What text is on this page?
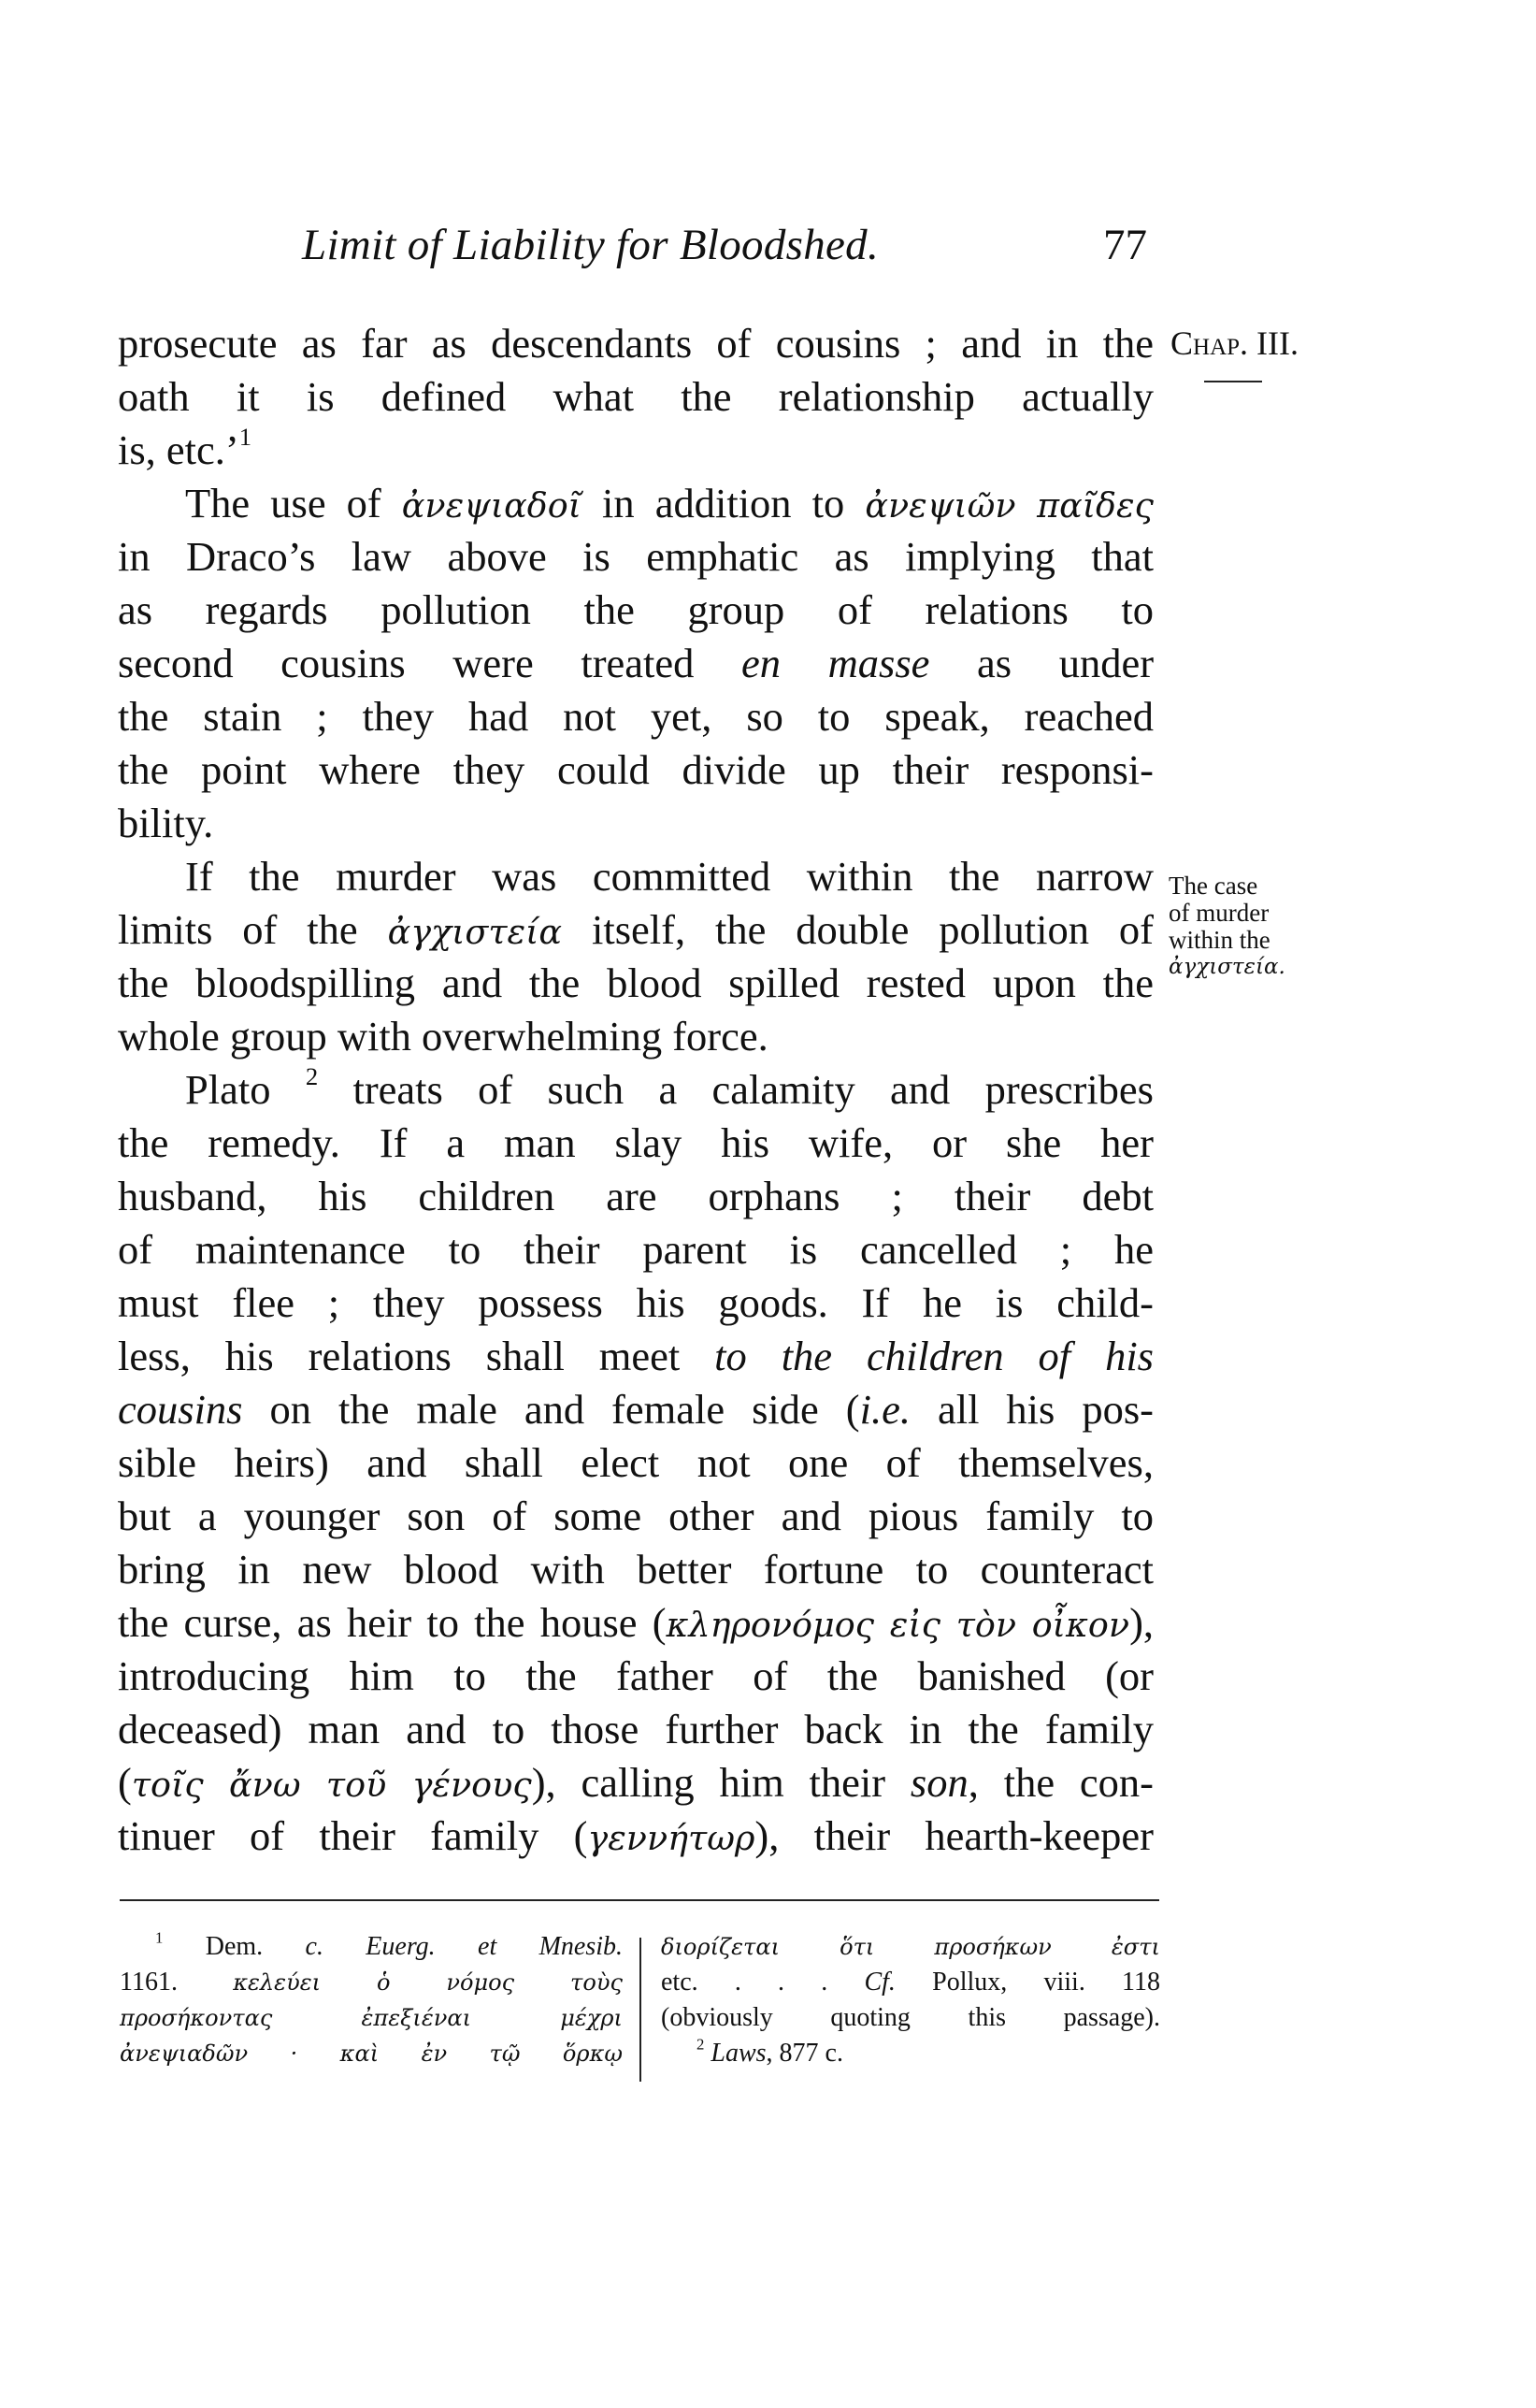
Limit of Liability for Bloodshed.	77
Chap. III.
prosecute as far as descendants of cousins ; and in the
oath it is defined what the relationship actually
is, etc.’$^1$
The use of ἀνεψιαδοῖ in addition to ἀνεψιῶν παῖδες
in Draco’s law above is emphatic as implying that
as regards pollution the group of relations to
second cousins were treated en masse as under
the stain ; they had not yet, so to speak, reached
the point where they could divide up their responsi-
bility.
If the murder was committed within the narrow
limits of the ἀγχιστεία itself, the double pollution of
the bloodspilling and the blood spilled rested upon the
whole group with overwhelming force.
Plato $^2$ treats of such a calamity and prescribes
the remedy. If a man slay his wife, or she her
husband, his children are orphans ; their debt
of maintenance to their parent is cancelled ; he
must flee ; they possess his goods. If he is child-
less, his relations shall meet to the children of his
cousins on the male and female side (i.e. all his pos-
sible heirs) and shall elect not one of themselves,
but a younger son of some other and pious family to
bring in new blood with better fortune to counteract
the curse, as heir to the house (κληρονόμος εἰς τὸν οἶκον),
introducing him to the father of the banished (or
deceased) man and to those further back in the family
(τοῖς ἄνω τοῦ γένους), calling him their son, the con-
tinuer of their family (γεννήτωρ), their hearth-keeper
The case
of murder
within the
ἀγχιστεία.
$^1$ Dem. c. Euerg. et Mnesib.
1161. κελεύει ὁ νόμος τοὺς
προσήκοντας ἐπεξιέναι μέχρι
ἀνεψιαδῶν · καὶ ἐν τῷ ὅρκῳ
διορίζεται ὅτι προσήκων ἐστι
etc. . . . Cf. Pollux, viii. 118
(obviously quoting this passage).
$^2$ Laws, 877 c.
